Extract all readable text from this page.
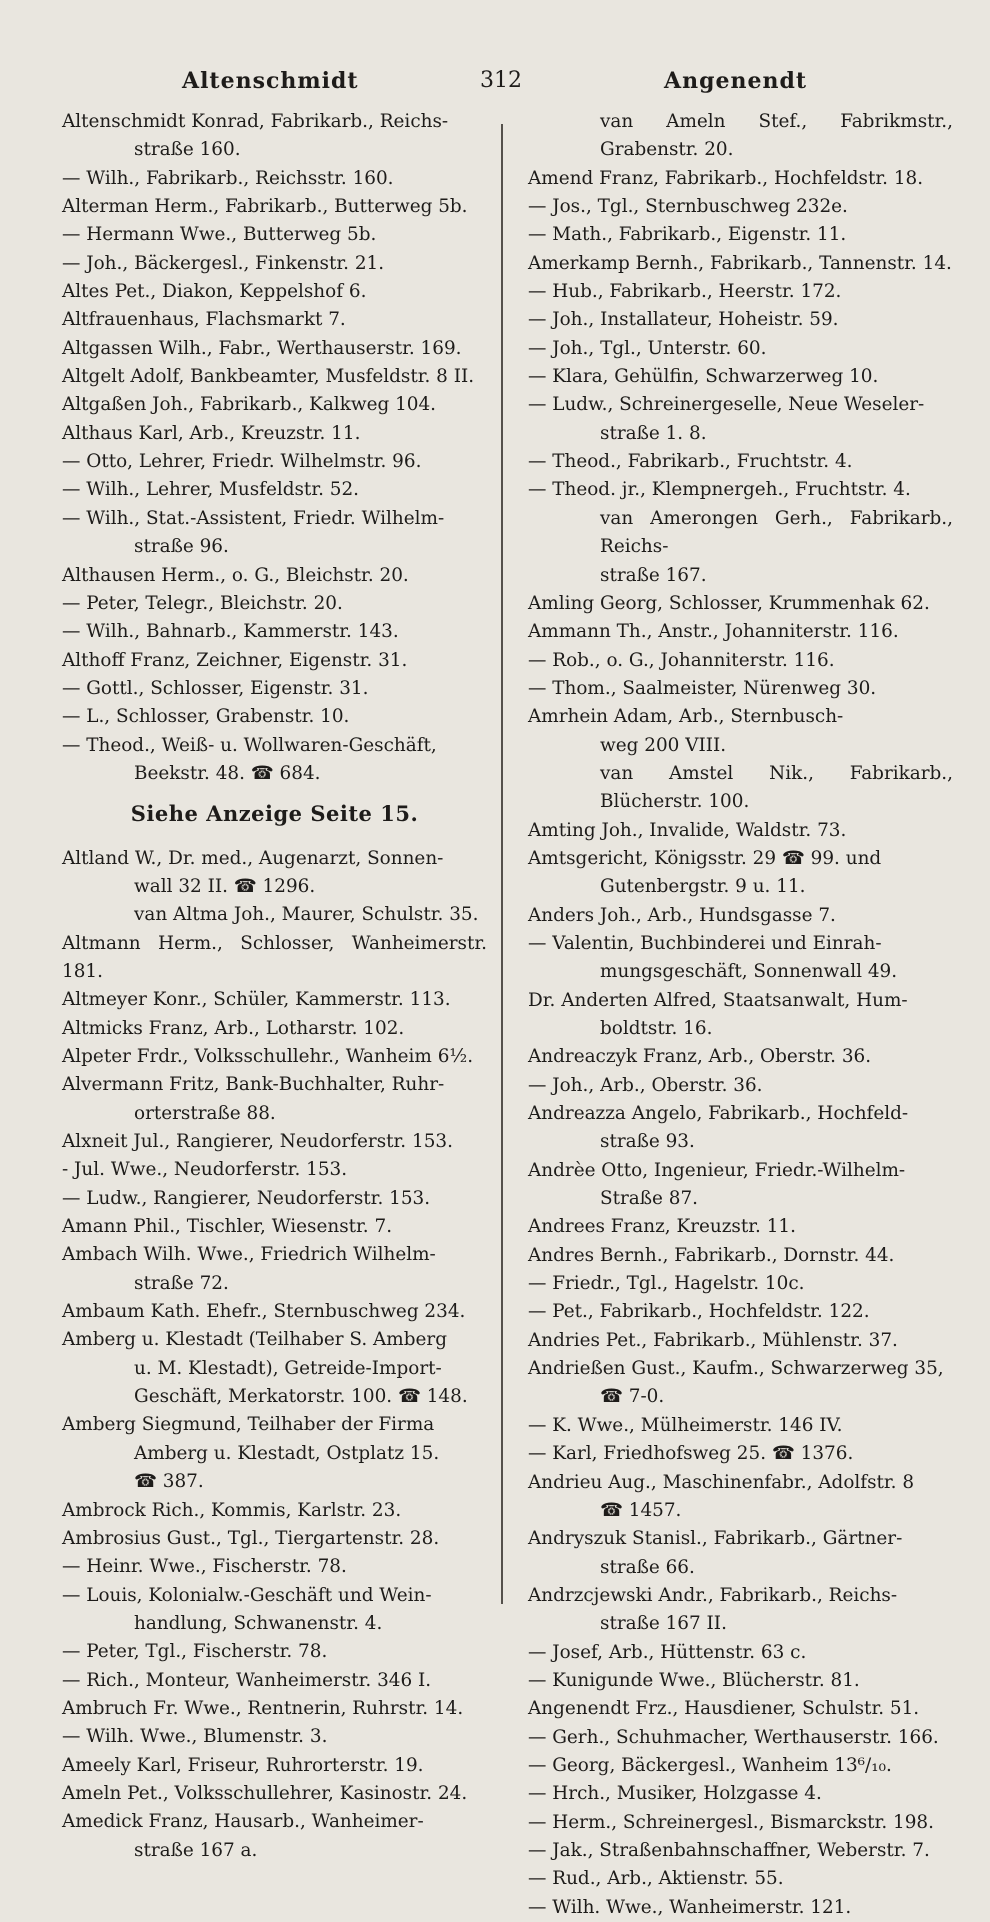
Altenschmidt	312	Angenendt
Altenschmidt Konrad, Fabrikarb., Reichs-
straße 160.
— Wilh., Fabrikarb., Reichsstr. 160.
Alterman Herm., Fabrikarb., Butterweg 5b.
— Hermann Wwe., Butterweg 5b.
— Joh., Bäckergesl., Finkenstr. 21.
Altes Pet., Diakon, Keppelshof 6.
Altfrauenhaus, Flachsmarkt 7.
Altgassen Wilh., Fabr., Werthauserstr. 169.
Altgelt Adolf, Bankbeamter, Musfeldstr. 8 II.
Altgaßen Joh., Fabrikarb., Kalkweg 104.
Althaus Karl, Arb., Kreuzstr. 11.
— Otto, Lehrer, Friedr. Wilhelmstr. 96.
— Wilh., Lehrer, Musfeldstr. 52.
— Wilh., Stat.-Assistent, Friedr. Wilhelm-
straße 96.
Althausen Herm., o. G., Bleichstr. 20.
— Peter, Telegr., Bleichstr. 20.
— Wilh., Bahnarb., Kammerstr. 143.
Althoff Franz, Zeichner, Eigenstr. 31.
— Gottl., Schlosser, Eigenstr. 31.
— L., Schlosser, Grabenstr. 10.
— Theod., Weiß- u. Wollwaren-Geschäft,
Beekstr. 48. ☎ 684.
Siehe Anzeige Seite 15.
Altland W., Dr. med., Augenarzt, Sonnen-
wall 32 II. ☎ 1296.
van Altma Joh., Maurer, Schulstr. 35.
Altmann Herm., Schlosser, Wanheimerstr. 181.
Altmeyer Konr., Schüler, Kammerstr. 113.
Altmicks Franz, Arb., Lotharstr. 102.
Alpeter Frdr., Volksschullehr., Wanheim 6½.
Alvermann Fritz, Bank-Buchhalter, Ruhr-
orterstraße 88.
Alxneit Jul., Rangierer, Neudorferstr. 153.
- Jul. Wwe., Neudorferstr. 153.
— Ludw., Rangierer, Neudorferstr. 153.
Amann Phil., Tischler, Wiesenstr. 7.
Ambach Wilh. Wwe., Friedrich Wilhelm-
straße 72.
Ambaum Kath. Ehefr., Sternbuschweg 234.
Amberg u. Klestadt (Teilhaber S. Amberg
u. M. Klestadt), Getreide-Import-
Geschäft, Merkatorstr. 100. ☎ 148.
Amberg Siegmund, Teilhaber der Firma
Amberg u. Klestadt, Ostplatz 15.
☎ 387.
Ambrock Rich., Kommis, Karlstr. 23.
Ambrosius Gust., Tgl., Tiergartenstr. 28.
— Heinr. Wwe., Fischerstr. 78.
— Louis, Kolonialw.-Geschäft und Wein-
handlung, Schwanenstr. 4.
— Peter, Tgl., Fischerstr. 78.
— Rich., Monteur, Wanheimerstr. 346 I.
Ambruch Fr. Wwe., Rentnerin, Ruhrstr. 14.
— Wilh. Wwe., Blumenstr. 3.
Ameely Karl, Friseur, Ruhrorterstr. 19.
Ameln Pet., Volksschullehrer, Kasinostr. 24.
Amedick Franz, Hausarb., Wanheimer-
straße 167 a.
van Ameln Stef., Fabrikmstr., Grabenstr. 20.
Amend Franz, Fabrikarb., Hochfeldstr. 18.
— Jos., Tgl., Sternbuschweg 232e.
— Math., Fabrikarb., Eigenstr. 11.
Amerkamp Bernh., Fabrikarb., Tannenstr. 14.
— Hub., Fabrikarb., Heerstr. 172.
— Joh., Installateur, Hoheistr. 59.
— Joh., Tgl., Unterstr. 60.
— Klara, Gehülfin, Schwarzerweg 10.
— Ludw., Schreinergeselle, Neue Weseler-
straße 1. 8.
— Theod., Fabrikarb., Fruchtstr. 4.
— Theod. jr., Klempnergeh., Fruchtstr. 4.
van Amerongen Gerh., Fabrikarb., Reichs-
straße 167.
Amling Georg, Schlosser, Krummenhak 62.
Ammann Th., Anstr., Johanniterstr. 116.
— Rob., o. G., Johanniterstr. 116.
— Thom., Saalmeister, Nürenweg 30.
Amrhein Adam, Arb., Sternbusch-
weg 200 VIII.
van Amstel Nik., Fabrikarb., Blücherstr. 100.
Amting Joh., Invalide, Waldstr. 73.
Amtsgericht, Königsstr. 29 ☎ 99. und
Gutenbergstr. 9 u. 11.
Anders Joh., Arb., Hundsgasse 7.
— Valentin, Buchbinderei und Einrah-
mungsgeschäft, Sonnenwall 49.
Dr. Anderten Alfred, Staatsanwalt, Hum-
boldtstr. 16.
Andreaczyk Franz, Arb., Oberstr. 36.
— Joh., Arb., Oberstr. 36.
Andreazza Angelo, Fabrikarb., Hochfeld-
straße 93.
Andrèe Otto, Ingenieur, Friedr.-Wilhelm-
Straße 87.
Andrees Franz, Kreuzstr. 11.
Andres Bernh., Fabrikarb., Dornstr. 44.
— Friedr., Tgl., Hagelstr. 10c.
— Pet., Fabrikarb., Hochfeldstr. 122.
Andries Pet., Fabrikarb., Mühlenstr. 37.
Andrießen Gust., Kaufm., Schwarzerweg 35,
☎ 7-0.
— K. Wwe., Mülheimerstr. 146 IV.
— Karl, Friedhofsweg 25. ☎ 1376.
Andrieu Aug., Maschinenfabr., Adolfstr. 8
☎ 1457.
Andryszuk Stanisl., Fabrikarb., Gärtner-
straße 66.
Andrzcjewski Andr., Fabrikarb., Reichs-
straße 167 II.
— Josef, Arb., Hüttenstr. 63 c.
— Kunigunde Wwe., Blücherstr. 81.
Angenendt Frz., Hausdiener, Schulstr. 51.
— Gerh., Schuhmacher, Werthauserstr. 166.
— Georg, Bäckergesl., Wanheim 13⁶/₁₀.
— Hrch., Musiker, Holzgasse 4.
— Herm., Schreinergesl., Bismarckstr. 198.
— Jak., Straßenbahnschaffner, Weberstr. 7.
— Rud., Arb., Aktienstr. 55.
— Wilh. Wwe., Wanheimerstr. 121.
